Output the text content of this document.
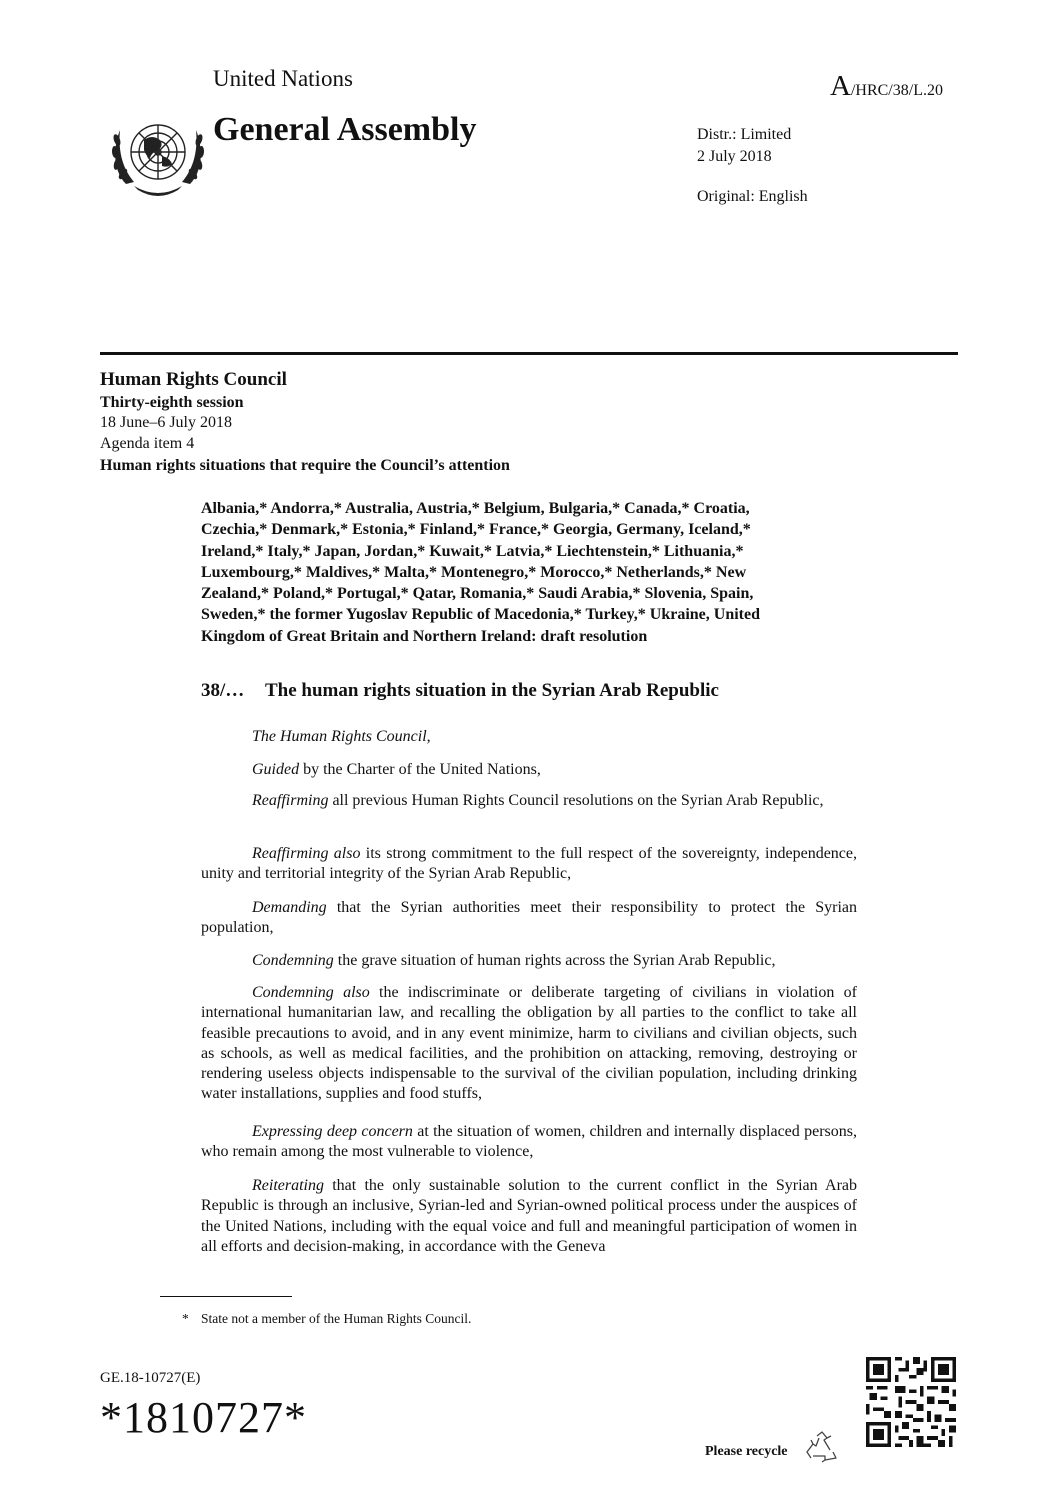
United Nations	A/HRC/38/L.20
General Assembly	Distr.: Limited
2 July 2018
Original: English
Human Rights Council
Thirty-eighth session
18 June–6 July 2018
Agenda item 4
Human rights situations that require the Council’s attention
Albania,* Andorra,* Australia, Austria,* Belgium, Bulgaria,* Canada,* Croatia,
Czechia,* Denmark,* Estonia,* Finland,* France,* Georgia, Germany, Iceland,*
Ireland,* Italy,* Japan, Jordan,* Kuwait,* Latvia,* Liechtenstein,* Lithuania,*
Luxembourg,* Maldives,* Malta,* Montenegro,* Morocco,* Netherlands,* New
Zealand,* Poland,* Portugal,* Qatar, Romania,* Saudi Arabia,* Slovenia, Spain,
Sweden,* the former Yugoslav Republic of Macedonia,* Turkey,* Ukraine, United
Kingdom of Great Britain and Northern Ireland: draft resolution
38/… The human rights situation in the Syrian Arab Republic
The Human Rights Council,
Guided by the Charter of the United Nations,
Reaffirming all previous Human Rights Council resolutions on the Syrian Arab Republic,
Reaffirming also its strong commitment to the full respect of the sovereignty, independence, unity and territorial integrity of the Syrian Arab Republic,
Demanding that the Syrian authorities meet their responsibility to protect the Syrian population,
Condemning the grave situation of human rights across the Syrian Arab Republic,
Condemning also the indiscriminate or deliberate targeting of civilians in violation of international humanitarian law, and recalling the obligation by all parties to the conflict to take all feasible precautions to avoid, and in any event minimize, harm to civilians and civilian objects, such as schools, as well as medical facilities, and the prohibition on attacking, removing, destroying or rendering useless objects indispensable to the survival of the civilian population, including drinking water installations, supplies and food stuffs,
Expressing deep concern at the situation of women, children and internally displaced persons, who remain among the most vulnerable to violence,
Reiterating that the only sustainable solution to the current conflict in the Syrian Arab Republic is through an inclusive, Syrian-led and Syrian-owned political process under the auspices of the United Nations, including with the equal voice and full and meaningful participation of women in all efforts and decision-making, in accordance with the Geneva
* State not a member of the Human Rights Council.
GE.18-10727(E)
*1810727*
Please recycle
